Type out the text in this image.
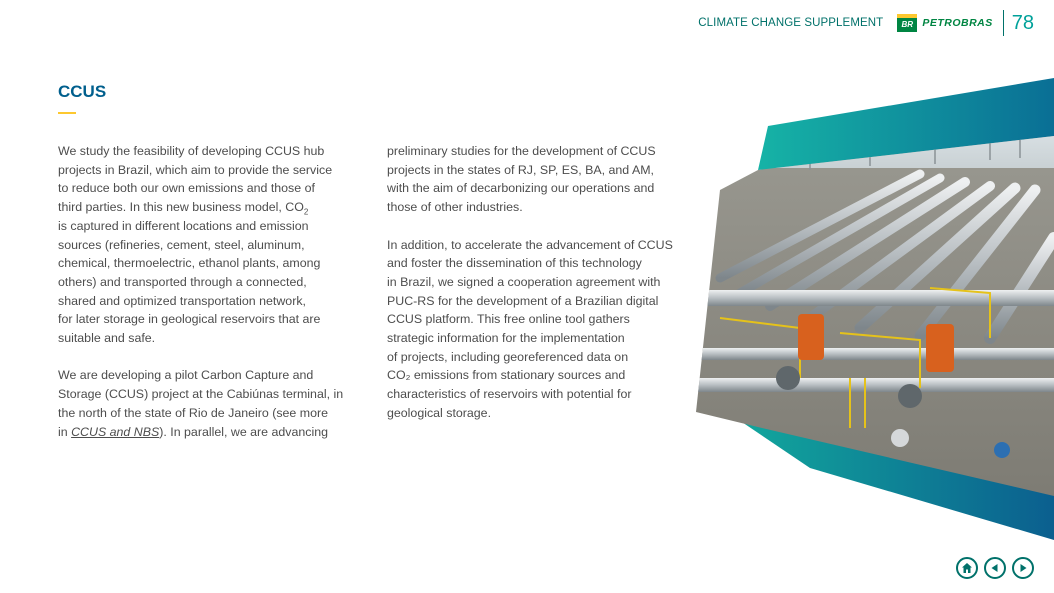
CLIMATE CHANGE SUPPLEMENT BR PETROBRAS 78
CCUS

We study the feasibility of developing CCUS hub
projects in Brazil, which aim to provide the service
to reduce both our own emissions and those of
third parties. In this new business model, $CO_2$
is captured in different locations and emission
sources (refineries, cement, steel, aluminum,
chemical, thermoelectric, ethanol plants, among
others) and transported through a connected,
shared and optimized transportation network,
for later storage in geological reservoirs that are
suitable and safe.

We are developing a pilot Carbon Capture and
Storage (CCUS) project at the Cabiúnas terminal, in
the north of the state of Rio de Janeiro (see more
in CCUS and NBS). In parallel, we are advancing

preliminary studies for the development of CCUS
projects in the states of RJ, SP, ES, BA, and AM,
with the aim of decarbonizing our operations and
those of other industries.

In addition, to accelerate the advancement of CCUS
and foster the dissemination of this technology
in Brazil, we signed a cooperation agreement with
PUC-RS for the development of a Brazilian digital
CCUS platform. This free online tool gathers
strategic information for the implementation
of projects, including georeferenced data on
CO₂ emissions from stationary sources and
characteristics of reservoirs with potential for
geological storage.
